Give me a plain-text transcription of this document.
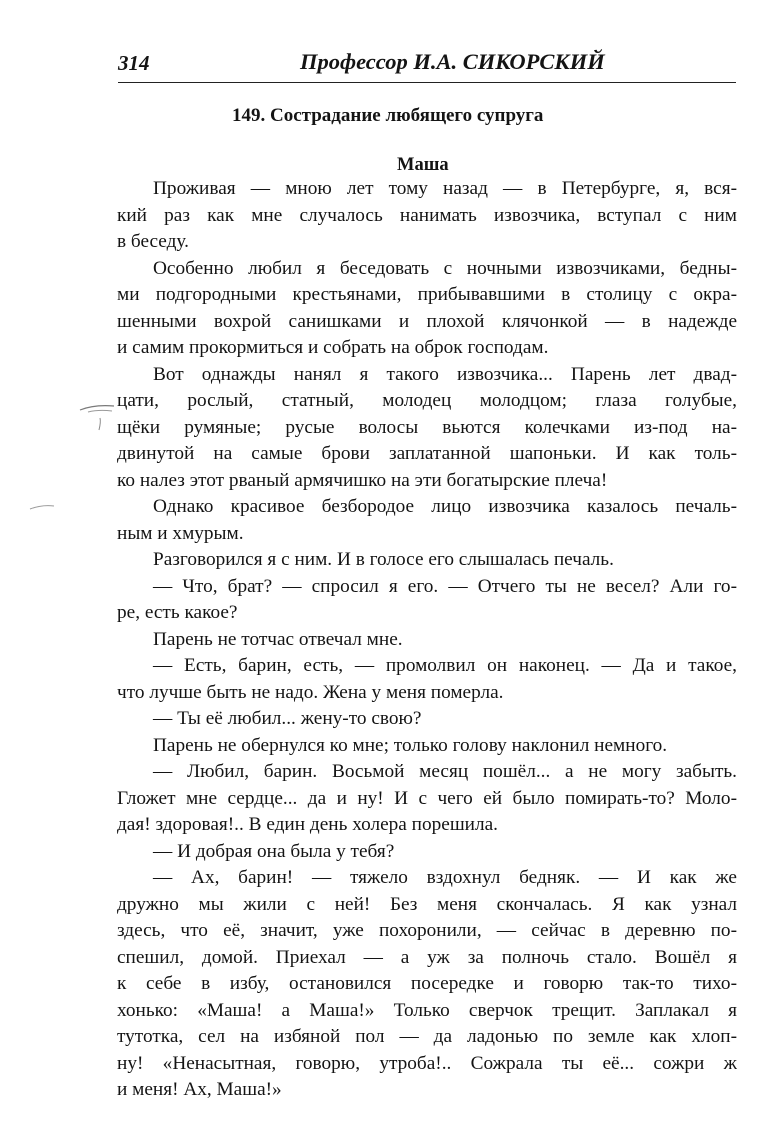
314	Профессор И.А. СИКОРСКИЙ
149. Сострадание любящего супруга
Маша
Проживая — мною лет тому назад — в Петербурге, я, вся-
кий раз как мне случалось нанимать извозчика, вступал с ним
в беседу.
Особенно любил я беседовать с ночными извозчиками, бедны-
ми подгородными крестьянами, прибывавшими в столицу с окра-
шенными вохрой санишками и плохой клячонкой — в надежде
и самим прокормиться и собрать на оброк господам.
Вот однажды нанял я такого извозчика... Парень лет двад-
цати, рослый, статный, молодец молодцом; глаза голубые,
щёки румяные; русые волосы вьются колечками из-под на-
двинутой на самые брови заплатанной шапоньки. И как толь-
ко налез этот рваный армячишко на эти богатырские плеча!
Однако красивое безбородое лицо извозчика казалось печаль-
ным и хмурым.
Разговорился я с ним. И в голосе его слышалась печаль.
— Что, брат? — спросил я его. — Отчего ты не весел? Али го-
ре, есть какое?
Парень не тотчас отвечал мне.
— Есть, барин, есть, — промолвил он наконец. — Да и такое,
что лучше быть не надо. Жена у меня померла.
— Ты её любил... жену-то свою?
Парень не обернулся ко мне; только голову наклонил немного.
— Любил, барин. Восьмой месяц пошёл... а не могу забыть.
Гложет мне сердце... да и ну! И с чего ей было помирать-то? Моло-
дая! здоровая!.. В един день холера порешила.
— И добрая она была у тебя?
— Ах, барин! — тяжело вздохнул бедняк. — И как же
дружно мы жили с ней! Без меня скончалась. Я как узнал
здесь, что её, значит, уже похоронили, — сейчас в деревню по-
спешил, домой. Приехал — а уж за полночь стало. Вошёл я
к себе в избу, остановился посередке и говорю так-то тихо-
хонько: «Маша! а Маша!» Только сверчок трещит. Заплакал я
тутотка, сел на избяной пол — да ладонью по земле как хлоп-
ну! «Ненасытная, говорю, утроба!.. Сожрала ты её... сожри ж
и меня! Ах, Маша!»
